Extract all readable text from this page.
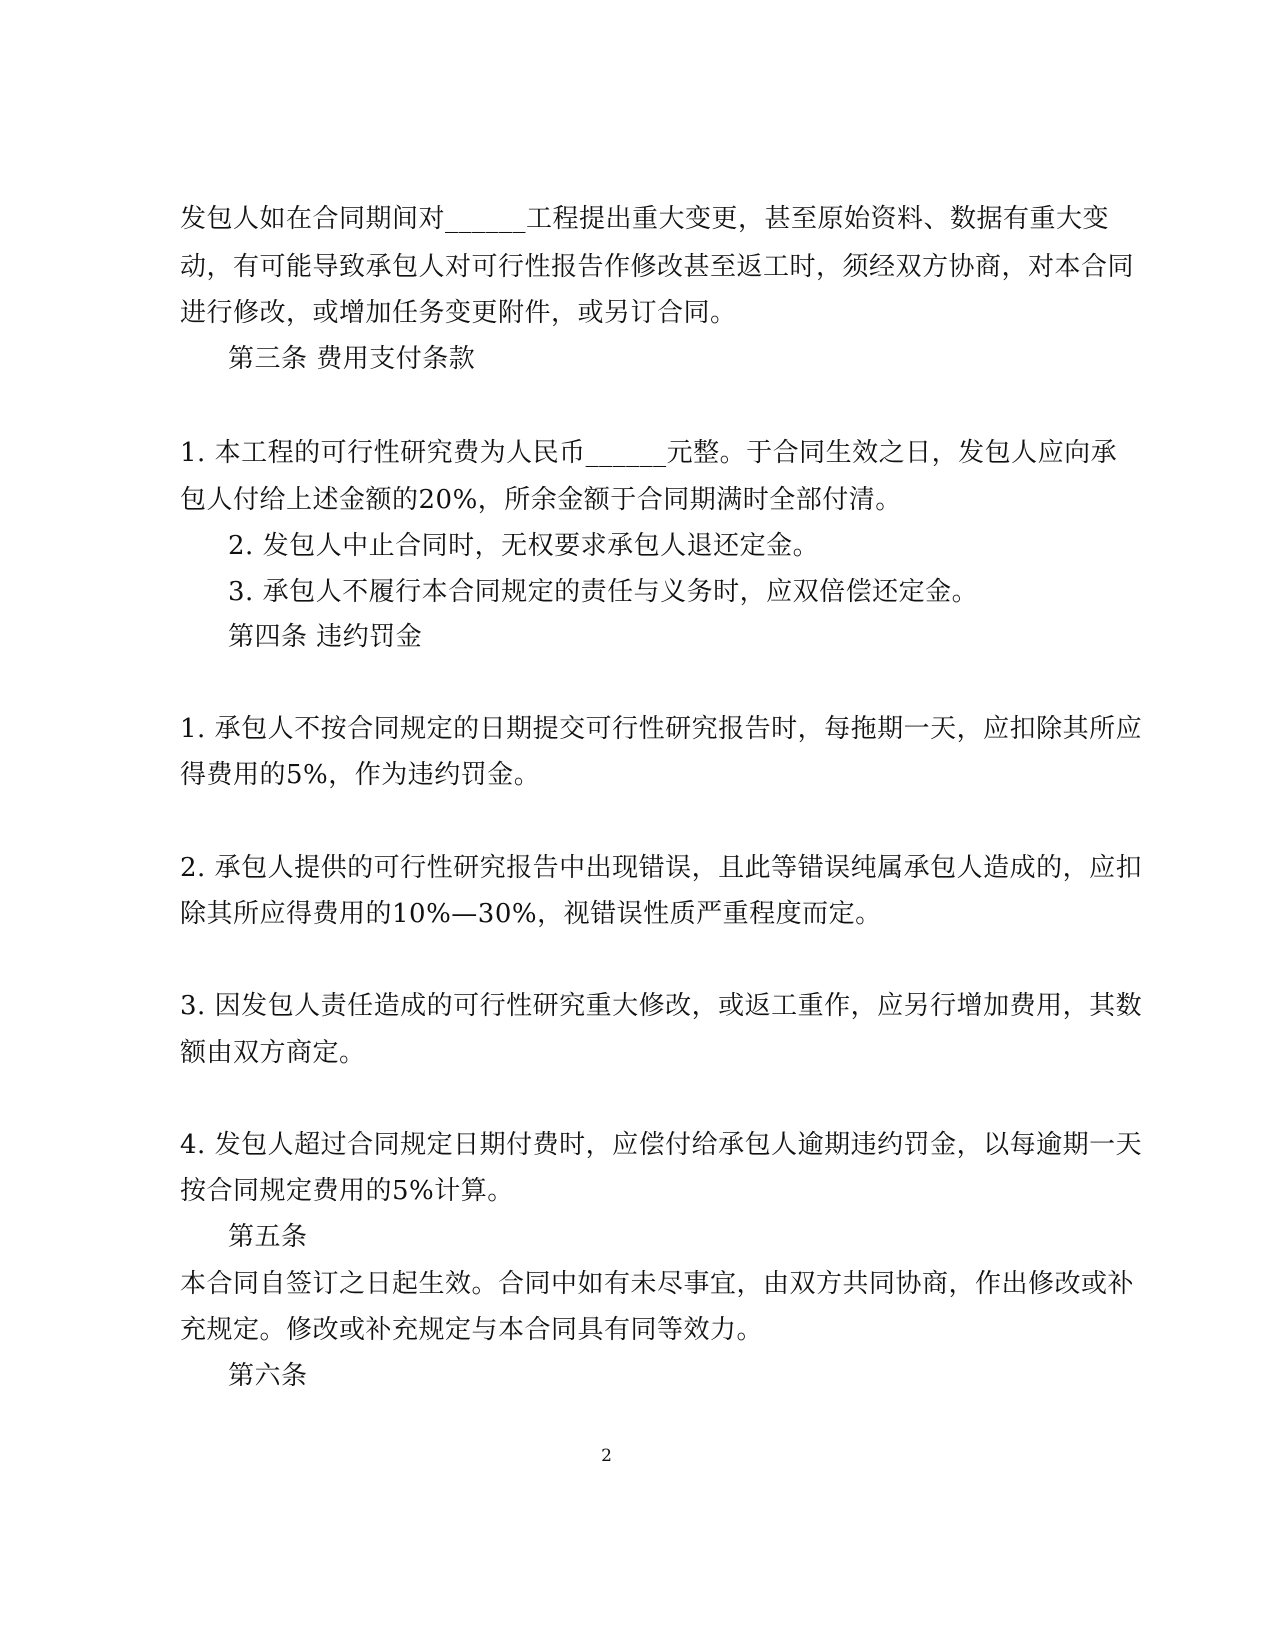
发包人如在合同期间对______工程提出重大变更，甚至原始资料、数据有重大变
动，有可能导致承包人对可行性报告作修改甚至返工时，须经双方协商，对本合同
进行修改，或增加任务变更附件，或另订合同。
第三条 费用支付条款
1. 本工程的可行性研究费为人民币______元整。于合同生效之日，发包人应向承
包人付给上述金额的20%，所余金额于合同期满时全部付清。
2. 发包人中止合同时，无权要求承包人退还定金。
3. 承包人不履行本合同规定的责任与义务时，应双倍偿还定金。
第四条 违约罚金
1. 承包人不按合同规定的日期提交可行性研究报告时，每拖期一天，应扣除其所应
得费用的5%，作为违约罚金。
2. 承包人提供的可行性研究报告中出现错误，且此等错误纯属承包人造成的，应扣
除其所应得费用的10%—30%，视错误性质严重程度而定。
3. 因发包人责任造成的可行性研究重大修改，或返工重作，应另行增加费用，其数
额由双方商定。
4. 发包人超过合同规定日期付费时，应偿付给承包人逾期违约罚金，以每逾期一天
按合同规定费用的5%计算。
第五条
本合同自签订之日起生效。合同中如有未尽事宜，由双方共同协商，作出修改或补
充规定。修改或补充规定与本合同具有同等效力。
第六条
2
